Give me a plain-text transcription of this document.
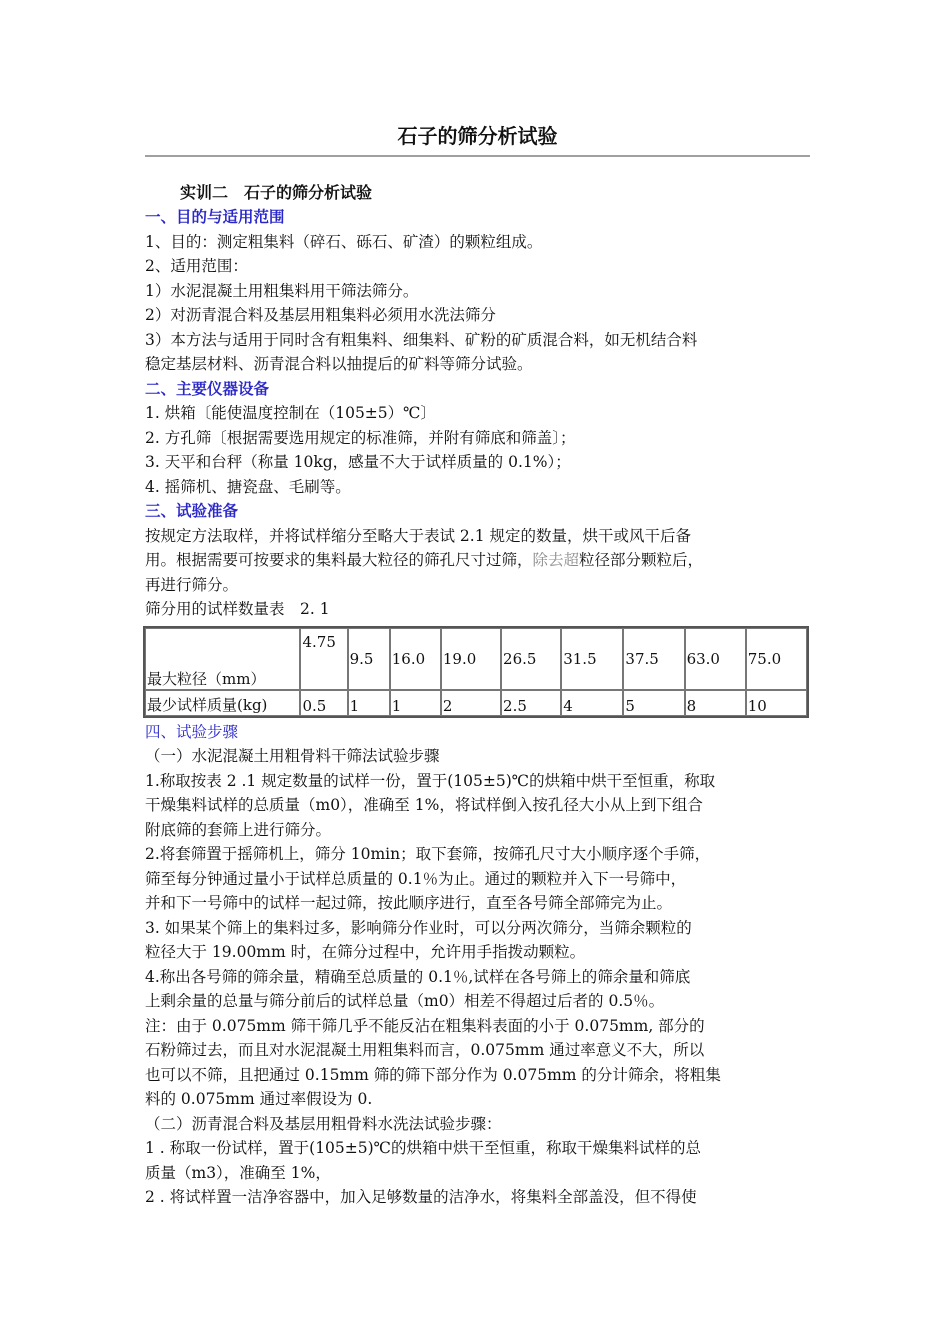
石子的筛分析试验
实训二　石子的筛分析试验

一、目的与适用范围

1、目的：测定粗集料（碎石、砾石、矿渣）的颗粒组成。

2、适用范围：

1）水泥混凝土用粗集料用干筛法筛分。

2）对沥青混合料及基层用粗集料必须用水洗法筛分

3）本方法与适用于同时含有粗集料、细集料、矿粉的矿质混合料，如无机结合料

稳定基层材料、沥青混合料以抽提后的矿料等筛分试验。

二、主要仪器设备

1. 烘箱〔能使温度控制在（105±5）℃〕

2. 方孔筛〔根据需要选用规定的标准筛，并附有筛底和筛盖〕；

3. 天平和台秤（称量 10kg，感量不大于试样质量的 0.1%）；

4. 摇筛机、搪瓷盘、毛刷等。

三、试验准备

按规定方法取样，并将试样缩分至略大于表试 2.1 规定的数量，烘干或风干后备

用。根据需要可按要求的集料最大粒径的筛孔尺寸过筛，除去超粒径部分颗粒后，

再进行筛分。

筛分用的试样数量表　2. 1

最大粒径（mm）	4.75	9.5	16.0	19.0	26.5	31.5	37.5	63.0	75.0
最少试样质量(kg)	0.5	1	1	2	2.5	4	5	8	10

四、试验步骤

（一）水泥混凝土用粗骨料干筛法试验步骤

1.称取按表 2 .1 规定数量的试样一份，置于(105±5)℃的烘箱中烘干至恒重，称取

干燥集料试样的总质量（m0），准确至 1%，将试样倒入按孔径大小从上到下组合

附底筛的套筛上进行筛分。

2.将套筛置于摇筛机上，筛分 10min；取下套筛，按筛孔尺寸大小顺序逐个手筛，

筛至每分钟通过量小于试样总质量的 0.1％为止。通过的颗粒并入下一号筛中，

并和下一号筛中的试样一起过筛，按此顺序进行，直至各号筛全部筛完为止。

3. 如果某个筛上的集料过多，影响筛分作业时，可以分两次筛分，当筛余颗粒的

粒径大于 19.00mm 时，在筛分过程中，允许用手指拨动颗粒。

4.称出各号筛的筛余量，精确至总质量的 0.1％,试样在各号筛上的筛余量和筛底

上剩余量的总量与筛分前后的试样总量（m0）相差不得超过后者的 0.5％。

注：由于 0.075mm 筛干筛几乎不能反沾在粗集料表面的小于 0.075mm, 部分的

石粉筛过去，而且对水泥混凝土用粗集料而言，0.075mm 通过率意义不大，所以

也可以不筛，且把通过 0.15mm 筛的筛下部分作为 0.075mm 的分计筛余，将粗集

料的 0.075mm 通过率假设为 0.

（二）沥青混合料及基层用粗骨料水洗法试验步骤：

1 . 称取一份试样，置于(105±5)℃的烘箱中烘干至恒重，称取干燥集料试样的总

质量（m3），准确至 1%，

2 . 将试样置一洁净容器中，加入足够数量的洁净水，将集料全部盖没，但不得使
